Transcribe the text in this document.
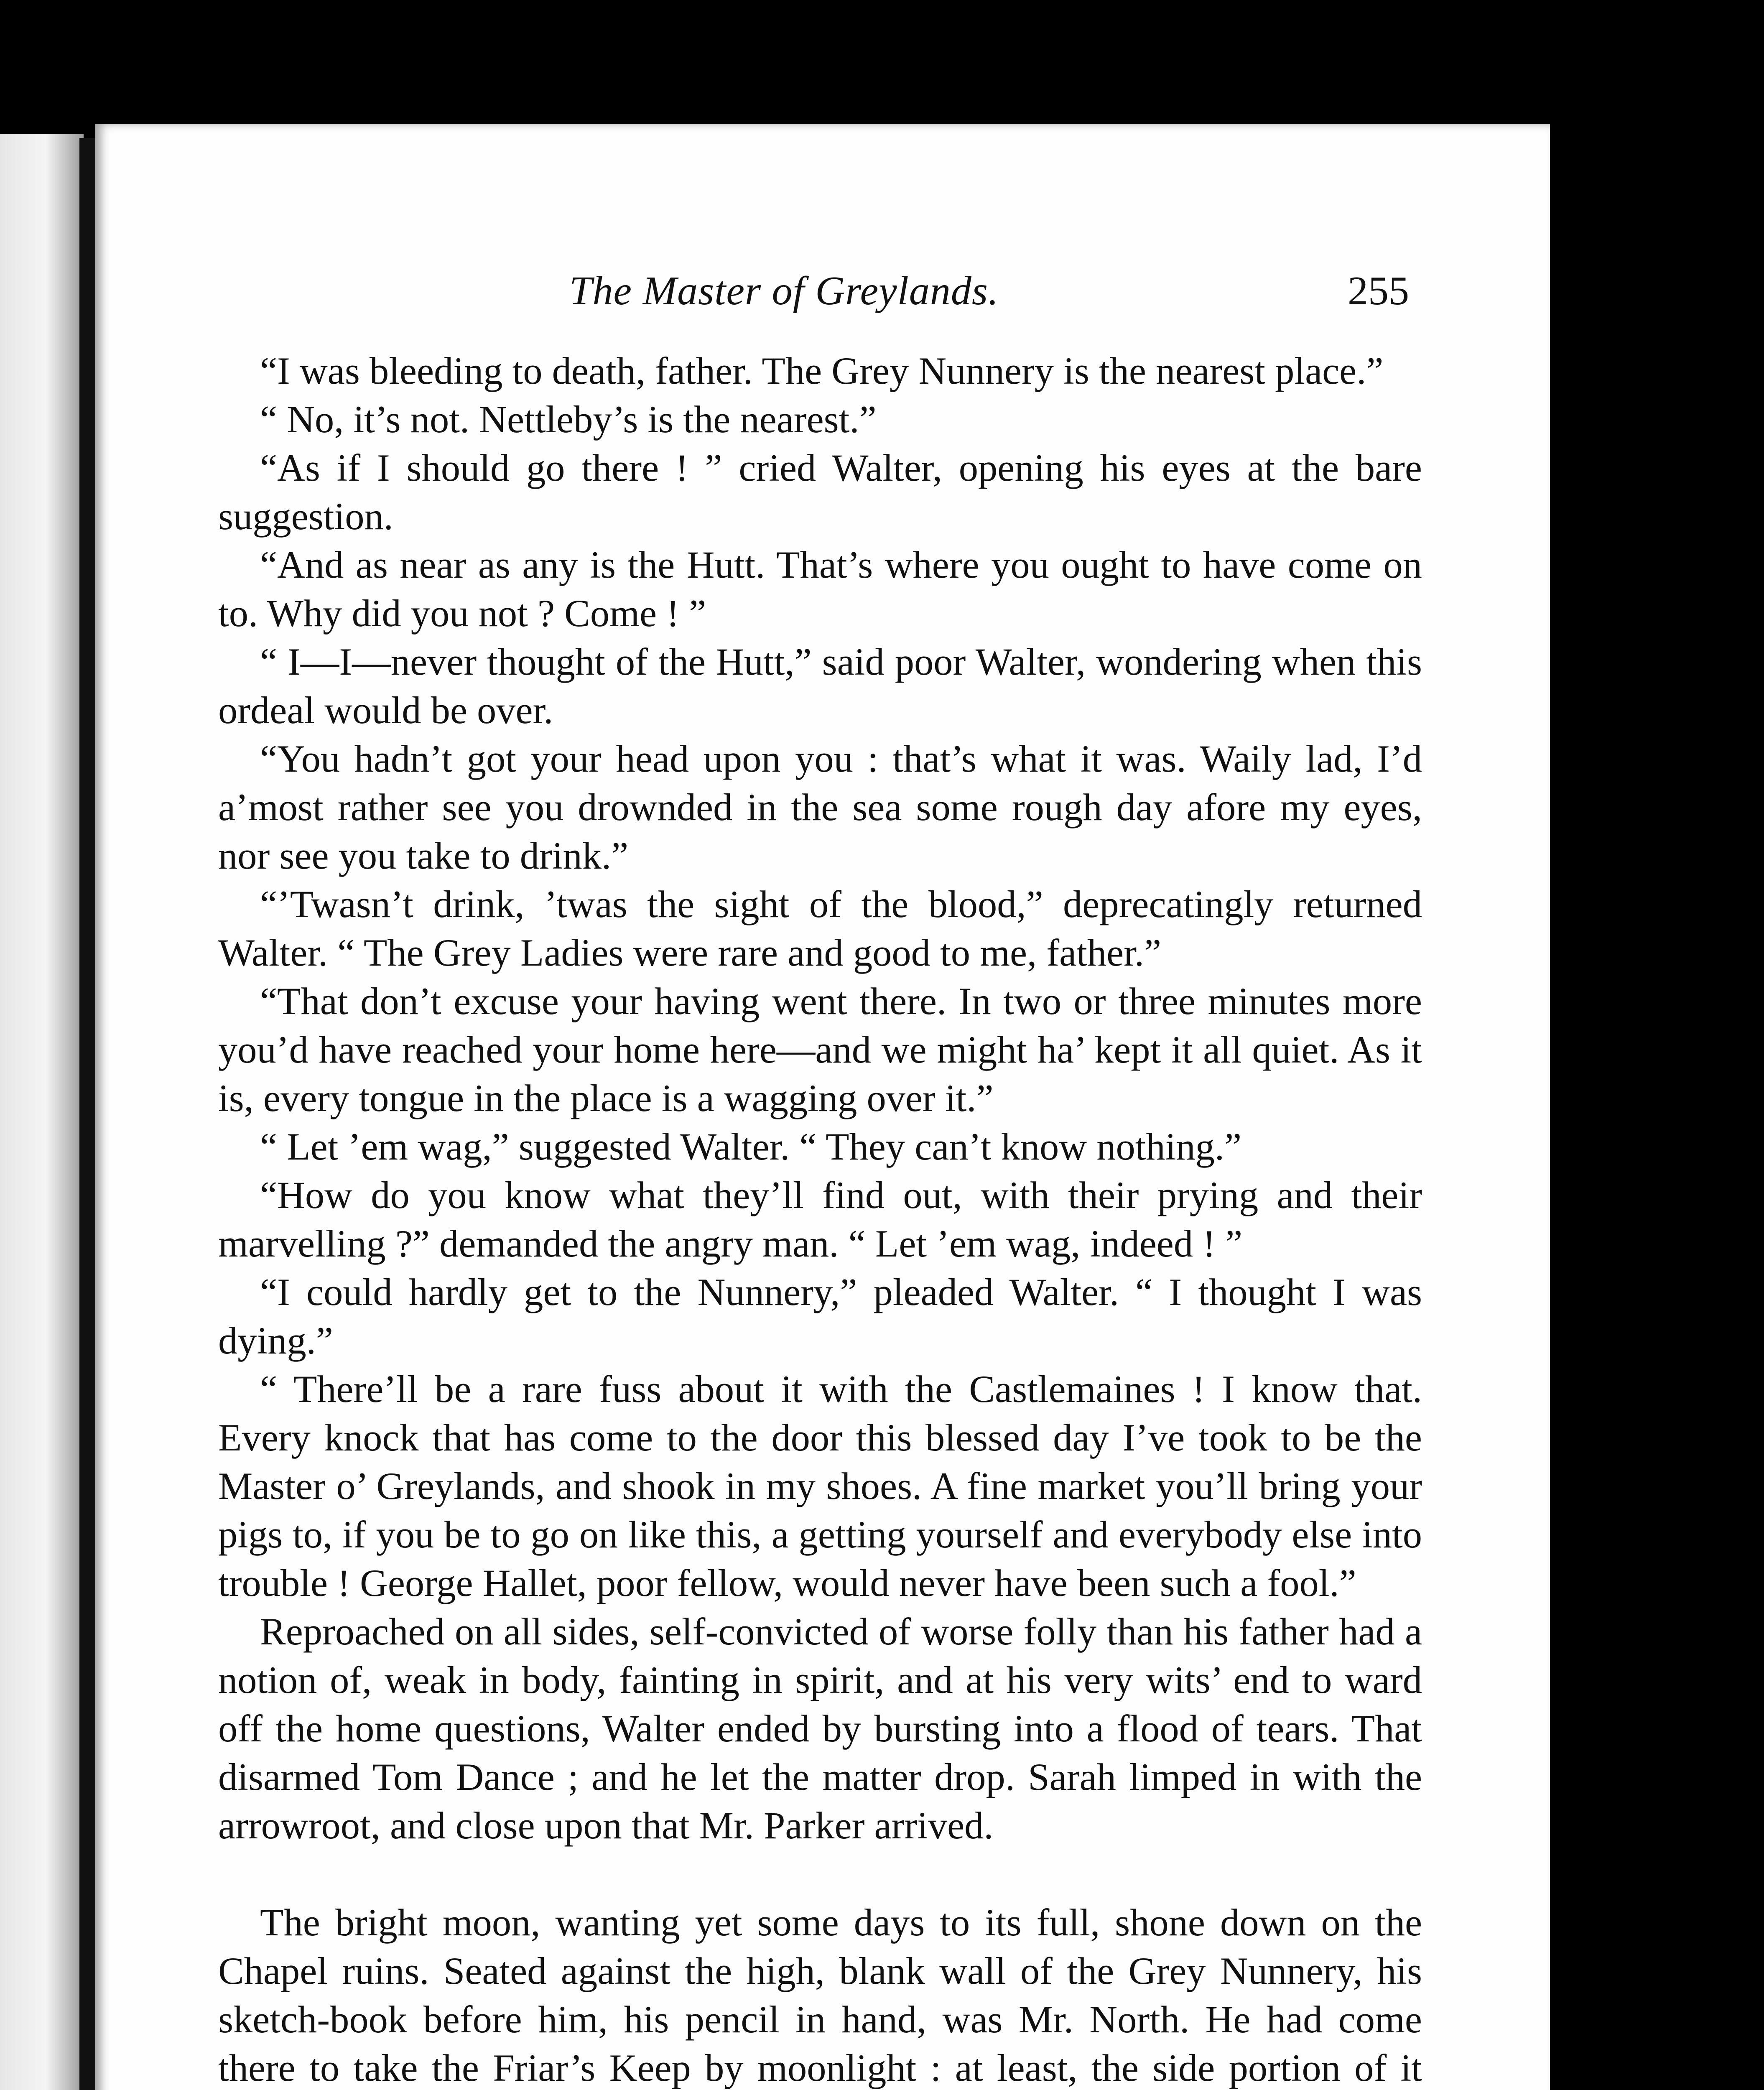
The Master of Greylands.	255

“I was bleeding to death, father. The Grey Nunnery is the nearest place.”

“ No, it’s not. Nettleby’s is the nearest.”

“As if I should go there ! ” cried Walter, opening his eyes at the bare suggestion.

“And as near as any is the Hutt. That’s where you ought to have come on to. Why did you not ? Come ! ”

“ I—I—never thought of the Hutt,” said poor Walter, wondering when this ordeal would be over.

“You hadn’t got your head upon you : that’s what it was. Waily lad, I’d a’most rather see you drownded in the sea some rough day afore my eyes, nor see you take to drink.”

“’Twasn’t drink, ’twas the sight of the blood,” deprecatingly returned Walter. “ The Grey Ladies were rare and good to me, father.”

“That don’t excuse your having went there. In two or three minutes more you’d have reached your home here—and we might ha’ kept it all quiet. As it is, every tongue in the place is a wagging over it.”

“ Let ’em wag,” suggested Walter. “ They can’t know nothing.”

“How do you know what they’ll find out, with their prying and their marvelling ?” demanded the angry man. “ Let ’em wag, indeed ! ”

“I could hardly get to the Nunnery,” pleaded Walter. “ I thought I was dying.”

“ There’ll be a rare fuss about it with the Castlemaines ! I know that. Every knock that has come to the door this blessed day I’ve took to be the Master o’ Greylands, and shook in my shoes. A fine market you’ll bring your pigs to, if you be to go on like this, a getting yourself and everybody else into trouble ! George Hallet, poor fellow, would never have been such a fool.”

Reproached on all sides, self-convicted of worse folly than his father had a notion of, weak in body, fainting in spirit, and at his very wits’ end to ward off the home questions, Walter ended by bursting into a flood of tears. That disarmed Tom Dance ; and he let the matter drop. Sarah limped in with the arrowroot, and close upon that Mr. Parker arrived.

The bright moon, wanting yet some days to its full, shone down on the Chapel ruins. Seated against the high, blank wall of the Grey Nunnery, his sketch-book before him, his pencil in hand, was Mr. North. He had come there to take the Friar’s Keep by moonlight : at least, the side portion of it
